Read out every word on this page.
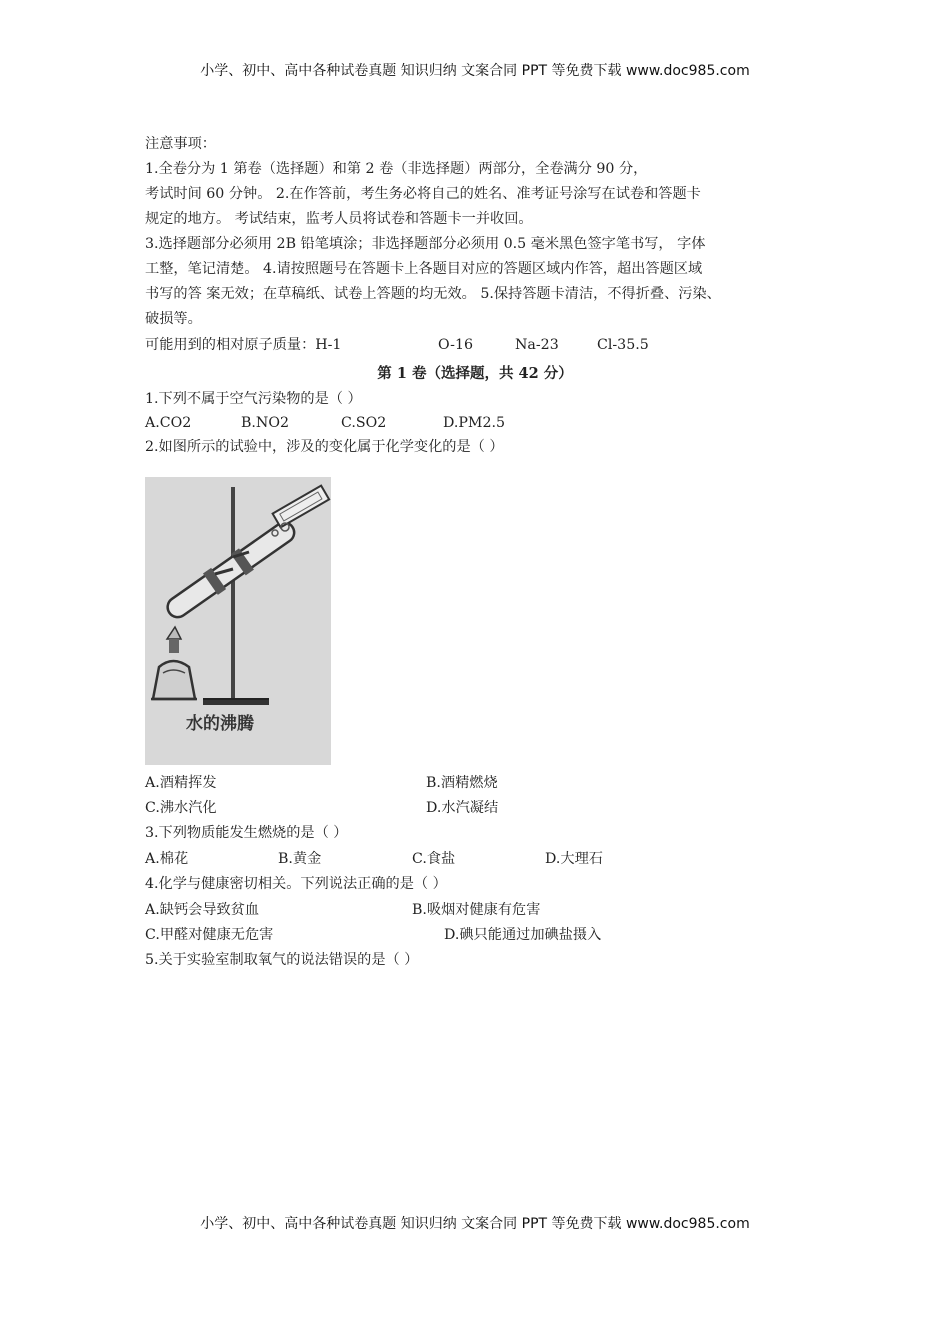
小学、初中、高中各种试卷真题 知识归纳 文案合同 PPT 等免费下载 www.doc985.com
注意事项：
1.全卷分为 1 第卷（选择题）和第 2 卷（非选择题）两部分，全卷满分 90 分，
考试时间 60 分钟。 2.在作答前，考生务必将自己的姓名、准考证号涂写在试卷和答题卡
规定的地方。 考试结束，监考人员将试卷和答题卡一并收回。
3.选择题部分必须用 2B 铅笔填涂；非选择题部分必须用 0.5 毫米黑色签字笔书写， 字体
工整，笔记清楚。 4.请按照题号在答题卡上各题目对应的答题区域内作答，超出答题区域
书写的答 案无效；在草稿纸、试卷上答题的均无效。 5.保持答题卡清洁，不得折叠、污染、
破损等。
可能用到的相对原子质量：H-1	O-16	Na-23	Cl-35.5
第 1 卷（选择题，共 42 分）
1.下列不属于空气污染物的是（ ）
A.CO2	B.NO2	C.SO2	D.PM2.5
2.如图所示的试验中，涉及的变化属于化学变化的是（ ）
水的沸腾
A.酒精挥发	B.酒精燃烧
C.沸水汽化	D.水汽凝结
3.下列物质能发生燃烧的是（ ）
A.棉花	B.黄金	C.食盐	D.大理石
4.化学与健康密切相关。下列说法正确的是（ ）
A.缺钙会导致贫血	B.吸烟对健康有危害
C.甲醛对健康无危害	D.碘只能通过加碘盐摄入
5.关于实验室制取氧气的说法错误的是（ ）
小学、初中、高中各种试卷真题 知识归纳 文案合同 PPT 等免费下载 www.doc985.com
